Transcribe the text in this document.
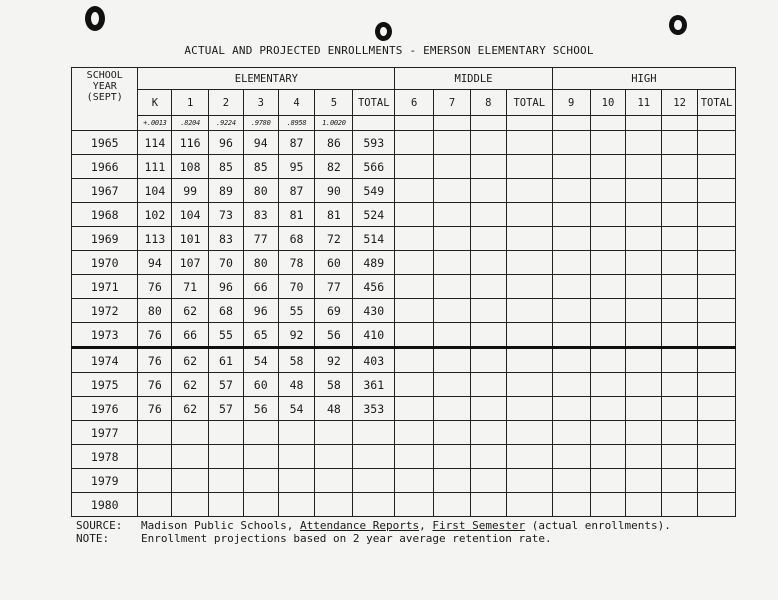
ACTUAL AND PROJECTED ENROLLMENTS - EMERSON ELEMENTARY SCHOOL
SCHOOL YEAR (SEPT)	ELEMENTARY							MIDDLE				HIGH				
	K	1	2	3	4	5	TOTAL	6	7	8	TOTAL	9	10	11	12	TOTAL
	+.0013	.8204	.9224	.9780	.8958	1.0020										
1965	114	116	96	94	87	86	593									
1966	111	108	85	85	95	82	566									
1967	104	99	89	80	87	90	549									
1968	102	104	73	83	81	81	524									
1969	113	101	83	77	68	72	514									
1970	94	107	70	80	78	60	489									
1971	76	71	96	66	70	77	456									
1972	80	62	68	96	55	69	430									
1973	76	66	55	65	92	56	410									
1974	76	62	61	54	58	92	403									
1975	76	62	57	60	48	58	361									
1976	76	62	57	56	54	48	353									
1977																
1978																
1979																
1980																
SOURCE: Madison Public Schools, Attendance Reports, First Semester (actual enrollments).
NOTE:	Enrollment projections based on 2 year average retention rate.
